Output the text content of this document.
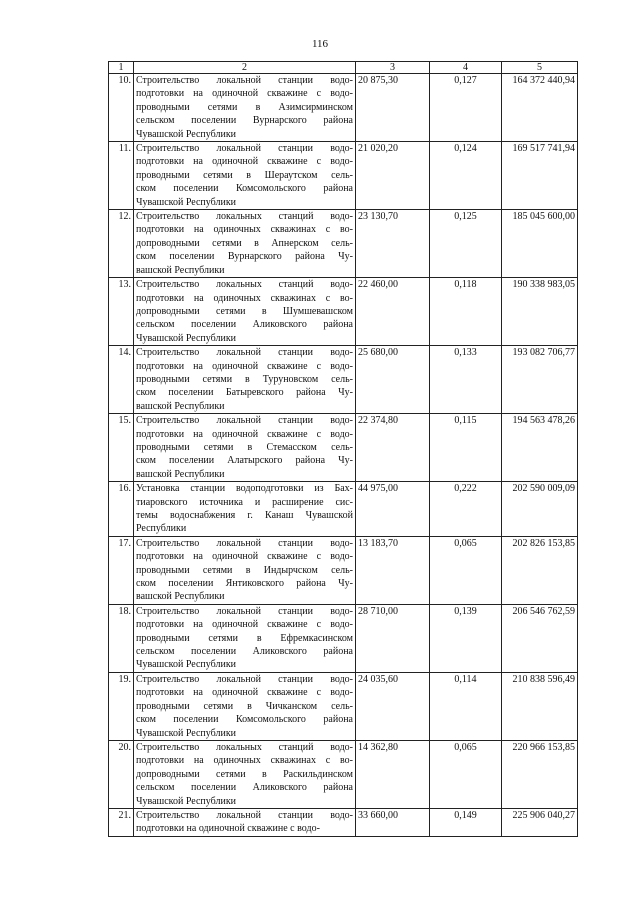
116
1	2	3	4	5
10.	Строительство локальной станции водо-
подготовки на одиночной скважине с водо-
проводными сетями в Азимсирминском
сельском поселении Вурнарского района
Чувашской Республики	20 875,30	0,127	164 372 440,94
11.	Строительство локальной станции водо-
подготовки на одиночной скважине с водо-
проводными сетями в Шераутском сель-
ском поселении Комсомольского района
Чувашской Республики	21 020,20	0,124	169 517 741,94
12.	Строительство локальных станций водо-
подготовки на одиночных скважинах с во-
допроводными сетями в Апнерском сель-
ском поселении Вурнарского района Чу-
вашской Республики	23 130,70	0,125	185 045 600,00
13.	Строительство локальных станций водо-
подготовки на одиночных скважинах с во-
допроводными сетями в Шумшевашском
сельском поселении Аликовского района
Чувашской Республики	22 460,00	0,118	190 338 983,05
14.	Строительство локальной станции водо-
подготовки на одиночной скважине с водо-
проводными сетями в Туруновском сель-
ском поселении Батыревского района Чу-
вашской Республики	25 680,00	0,133	193 082 706,77
15.	Строительство локальной станции водо-
подготовки на одиночной скважине с водо-
проводными сетями в Стемасском сель-
ском поселении Алатырского района Чу-
вашской Республики	22 374,80	0,115	194 563 478,26
16.	Установка станции водоподготовки из Бах-
тиаровского источника и расширение сис-
темы водоснабжения г. Канаш Чувашской
Республики	44 975,00	0,222	202 590 009,09
17.	Строительство локальной станции водо-
подготовки на одиночной скважине с водо-
проводными сетями в Индырчском сель-
ском поселении Янтиковского района Чу-
вашской Республики	13 183,70	0,065	202 826 153,85
18.	Строительство локальной станции водо-
подготовки на одиночной скважине с водо-
проводными сетями в Ефремкасинском
сельском поселении Аликовского района
Чувашской Республики	28 710,00	0,139	206 546 762,59
19.	Строительство локальной станции водо-
подготовки на одиночной скважине с водо-
проводными сетями в Чичканском сель-
ском поселении Комсомольского района
Чувашской Республики	24 035,60	0,114	210 838 596,49
20.	Строительство локальных станций водо-
подготовки на одиночных скважинах с во-
допроводными сетями в Раскильдинском
сельском поселении Аликовского района
Чувашской Республики	14 362,80	0,065	220 966 153,85
21.	Строительство локальной станции водо-
подготовки на одиночной скважине с водо-	33 660,00	0,149	225 906 040,27
